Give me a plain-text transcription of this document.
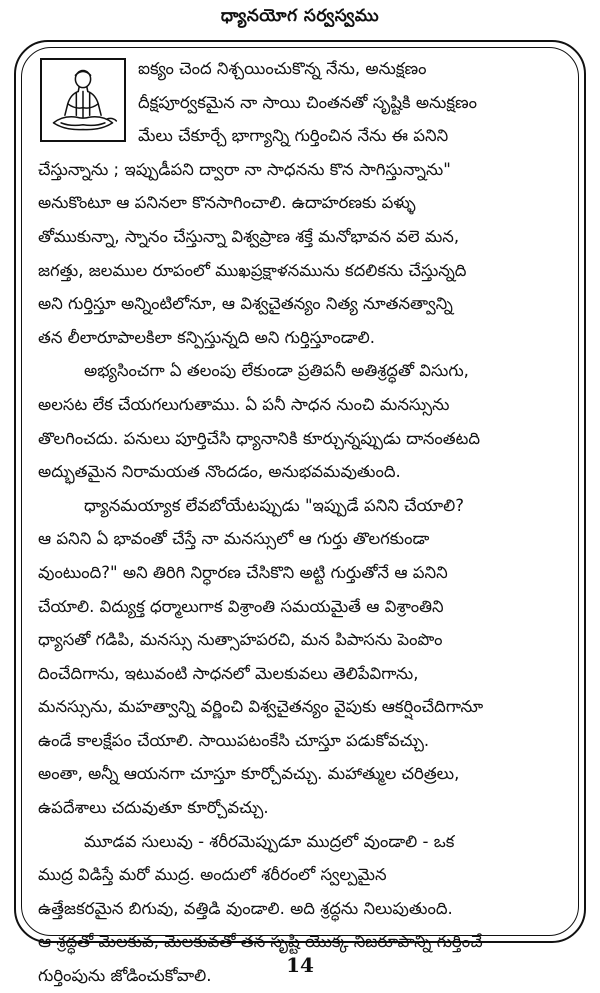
ధ్యానయోగ సర్వస్వము
ఐక్యం చెంద నిశ్చయించుకొన్న నేను, అనుక్షణం
దీక్షపూర్వకమైన నా సాయి చింతనతో సృష్టికి అనుక్షణం
మేలు చేకూర్చే భాగ్యాన్ని గుర్తించిన నేను ఈ పనిని
చేస్తున్నాను ; ఇప్పుడీపని ద్వారా నా సాధనను కొన సాగిస్తున్నాను"
అనుకొంటూ ఆ పనినలా కొనసాగించాలి. ఉదాహరణకు పళ్ళు
తోముకున్నా, స్నానం చేస్తున్నా విశ్వప్రాణ శక్తే మనోభావన వలె మన,
జగత్తు, జలముల రూపంలో ముఖప్రక్షాళనమును కదలికను చేస్తున్నది
అని గుర్తిస్తూ అన్నింటిలోనూ, ఆ విశ్వచైతన్యం నిత్య నూతనత్వాన్ని
తన లీలారూపాలకిలా కన్పిస్తున్నది అని గుర్తిస్తూండాలి.
అభ్యసించగా ఏ తలంపు లేకుండా ప్రతిపనీ అతిశ్రద్ధతో విసుగు,
అలసట లేక చేయగలుగుతాము. ఏ పనీ సాధన నుంచి మనస్సును
తొలగించదు. పనులు పూర్తిచేసి ధ్యానానికి కూర్చున్నప్పుడు దానంతటది
అద్భుతమైన నిరామయత నొందడం, అనుభవమవుతుంది.
ధ్యానమయ్యాక లేవబోయేటప్పుడు "ఇప్పుడే పనిని చేయాలి?
ఆ పనిని ఏ భావంతో చేస్తే నా మనస్సులో ఆ గుర్తు తొలగకుండా
వుంటుంది?" అని తిరిగి నిర్ధారణ చేసికొని అట్టి గుర్తుతోనే ఆ పనిని
చేయాలి. విద్యుక్త ధర్మాలుగాక విశ్రాంతి సమయమైతే ఆ విశ్రాంతిని
ధ్యాసతో గడిపి, మనస్సు నుత్సాహపరచి, మన పిపాసను పెంపొం
దించేదిగాను, ఇటువంటి సాధనలో మెలకువలు తెలిపేవిగాను,
మనస్సును, మహత్వాన్ని వర్ణించి విశ్వచైతన్యం వైపుకు ఆకర్షించేదిగానూ
ఉండే కాలక్షేపం చేయాలి. సాయిపటంకేసి చూస్తూ పడుకోవచ్చు.
అంతా, అన్నీ ఆయనగా చూస్తూ కూర్చోవచ్చు. మహాత్ముల చరిత్రలు,
ఉపదేశాలు చదువుతూ కూర్చోవచ్చు.
మూడవ సులువు - శరీరమెప్పుడూ ముద్రలో వుండాలి - ఒక
ముద్ర విడిస్తే మరో ముద్ర. అందులో శరీరంలో స్వల్పమైన
ఉత్తేజకరమైన బిగువు, వత్తిడి వుండాలి. అది శ్రద్ధను నిలుపుతుంది.
ఆ శ్రద్ధతో మెలకువ, మెలకువతో తన సృష్టి యొక్క నిజరూపాన్ని గుర్తించే
గుర్తింపును జోడించుకోవాలి.	14
